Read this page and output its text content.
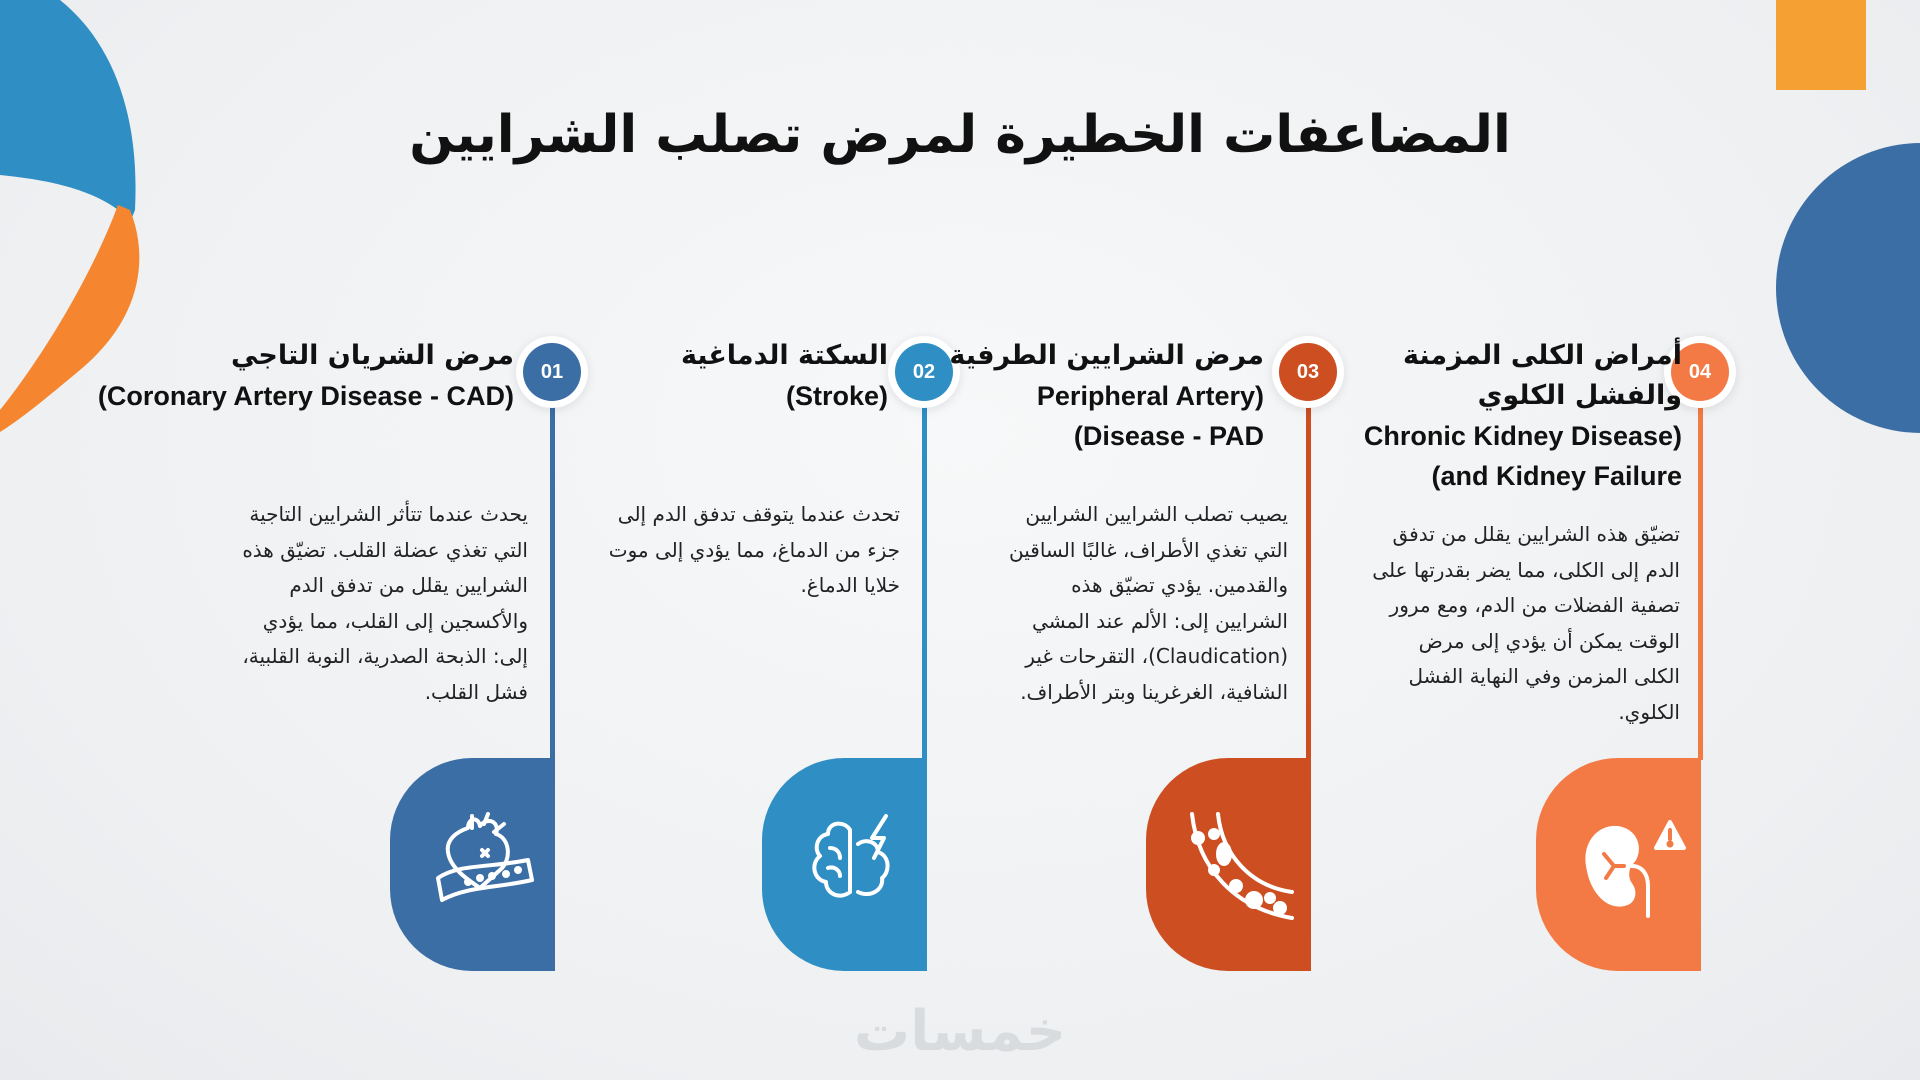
المضاعفات الخطيرة لمرض تصلب الشرايين
01
مرض الشريان التاجي
(Coronary Artery Disease - CAD)
يحدث عندما تتأثر الشرايين التاجية التي تغذي عضلة القلب. تضيّق هذه الشرايين يقلل من تدفق الدم والأكسجين إلى القلب، مما يؤدي إلى: الذبحة الصدرية، النوبة القلبية، فشل القلب.
02
السكتة الدماغية
(Stroke)
تحدث عندما يتوقف تدفق الدم إلى جزء من الدماغ، مما يؤدي إلى موت خلايا الدماغ.
03
مرض الشرايين الطرفية
Peripheral Artery) (Disease - PAD
يصيب تصلب الشرايين الشرايين التي تغذي الأطراف، غالبًا الساقين والقدمين. يؤدي تضيّق هذه الشرايين إلى: الألم عند المشي (Claudication)، التقرحات غير الشافية، الغرغرينا وبتر الأطراف.
04
أمراض الكلى المزمنة والفشل الكلوي
Chronic Kidney Disease) (and Kidney Failure
تضيّق هذه الشرايين يقلل من تدفق الدم إلى الكلى، مما يضر بقدرتها على تصفية الفضلات من الدم، ومع مرور الوقت يمكن أن يؤدي إلى مرض الكلى المزمن وفي النهاية الفشل الكلوي.
خمسات
